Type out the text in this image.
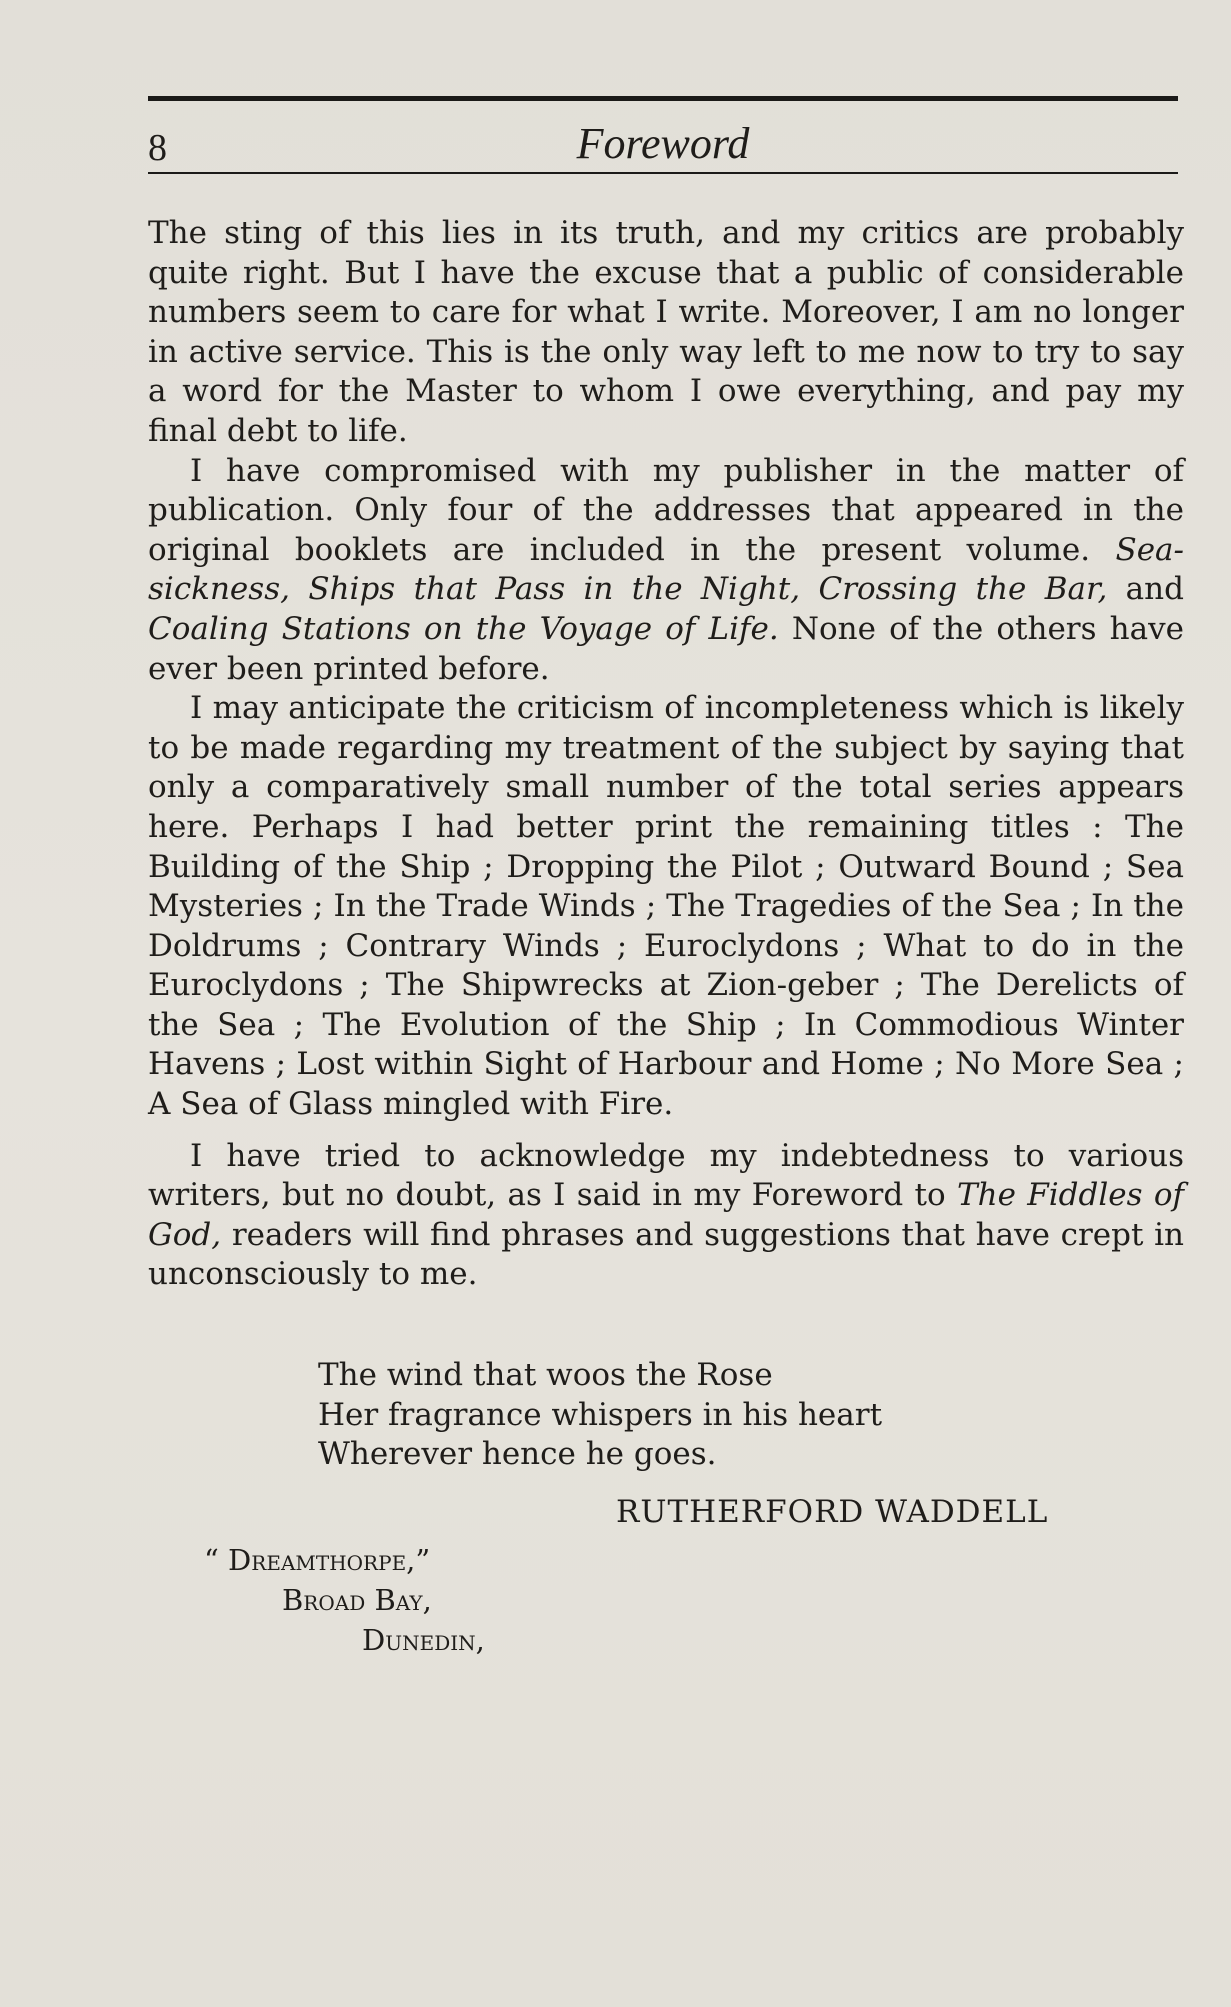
8	Foreword

The sting of this lies in its truth, and my critics are probably quite right. But I have the excuse that a public of considerable numbers seem to care for what I write. Moreover, I am no longer in active service. This is the only way left to me now to try to say a word for the Master to whom I owe everything, and pay my final debt to life.

I have compromised with my publisher in the matter of publication. Only four of the addresses that appeared in the original booklets are included in the present volume. Sea-sickness, Ships that Pass in the Night, Crossing the Bar, and Coaling Stations on the Voyage of Life. None of the others have ever been printed before.

I may anticipate the criticism of incompleteness which is likely to be made regarding my treatment of the subject by saying that only a comparatively small number of the total series appears here. Perhaps I had better print the remaining titles : The Building of the Ship ; Dropping the Pilot ; Outward Bound ; Sea Mysteries ; In the Trade Winds ; The Tragedies of the Sea ; In the Doldrums ; Contrary Winds ; Euroclydons ; What to do in the Euroclydons ; The Shipwrecks at Zion-geber ; The Derelicts of the Sea ; The Evolution of the Ship ; In Commodious Winter Havens ; Lost within Sight of Harbour and Home ; No More Sea ; A Sea of Glass mingled with Fire.

I have tried to acknowledge my indebtedness to various writers, but no doubt, as I said in my Foreword to The Fiddles of God, readers will find phrases and suggestions that have crept in unconsciously to me.

The wind that woos the Rose
Her fragrance whispers in his heart
Wherever hence he goes.
RUTHERFORD WADDELL
“ Dreamthorpe,”
Broad Bay,
Dunedin,
